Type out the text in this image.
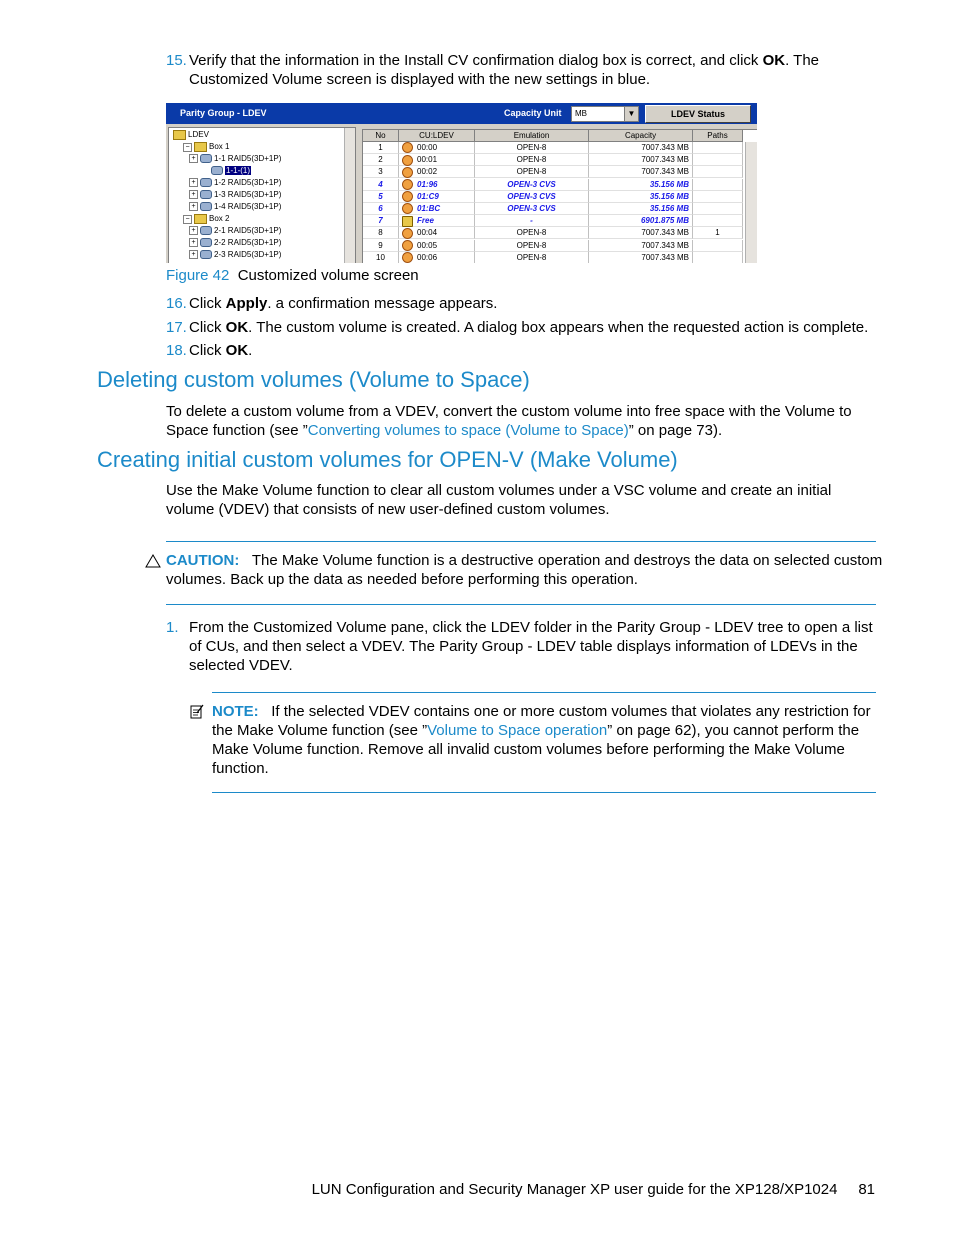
15. Verify that the information in the Install CV confirmation dialog box is correct, and click OK. The
Customized Volume screen is displayed with the new settings in blue.
Parity Group - LDEV	Capacity Unit MB	▼	LDEV Status
LDEV
− Box 1
+ 1-1 RAID5(3D+1P)
1-1-(1)
+ 1-2 RAID5(3D+1P)
+ 1-3 RAID5(3D+1P)
+ 1-4 RAID5(3D+1P)
− Box 2
+ 2-1 RAID5(3D+1P)
+ 2-2 RAID5(3D+1P)
+ 2-3 RAID5(3D+1P)
No	CU:LDEV	Emulation	Capacity	Paths
1	00:00	OPEN-8	7007.343 MB
2	00:01	OPEN-8	7007.343 MB
3	00:02	OPEN-8	7007.343 MB
4	01:96	OPEN-3 CVS	35.156 MB
5	01:C9	OPEN-3 CVS	35.156 MB
6	01:BC	OPEN-3 CVS	35.156 MB
7	Free	-	6901.875 MB
8	00:04	OPEN-8	7007.343 MB	1
9	00:05	OPEN-8	7007.343 MB
10	00:06	OPEN-8	7007.343 MB
Figure 42 Customized volume screen
16. Click Apply. a confirmation message appears.
17. Click OK. The custom volume is created. A dialog box appears when the requested action is complete.
18. Click OK.
Deleting custom volumes (Volume to Space)
To delete a custom volume from a VDEV, convert the custom volume into free space with the Volume to
Space function (see ”Converting volumes to space (Volume to Space)” on page 73).
Creating initial custom volumes for OPEN-V (Make Volume)
Use the Make Volume function to clear all custom volumes under a VSC volume and create an initial
volume (VDEV) that consists of new user-defined custom volumes.
CAUTION: The Make Volume function is a destructive operation and destroys the data on selected custom
volumes. Back up the data as needed before performing this operation.
1. From the Customized Volume pane, click the LDEV folder in the Parity Group - LDEV tree to open a list
of CUs, and then select a VDEV. The Parity Group - LDEV table displays information of LDEVs in the
selected VDEV.
NOTE: If the selected VDEV contains one or more custom volumes that violates any restriction for
the Make Volume function (see ”Volume to Space operation” on page 62), you cannot perform the
Make Volume function. Remove all invalid custom volumes before performing the Make Volume
function.
LUN Configuration and Security Manager XP user guide for the XP128/XP1024 81
